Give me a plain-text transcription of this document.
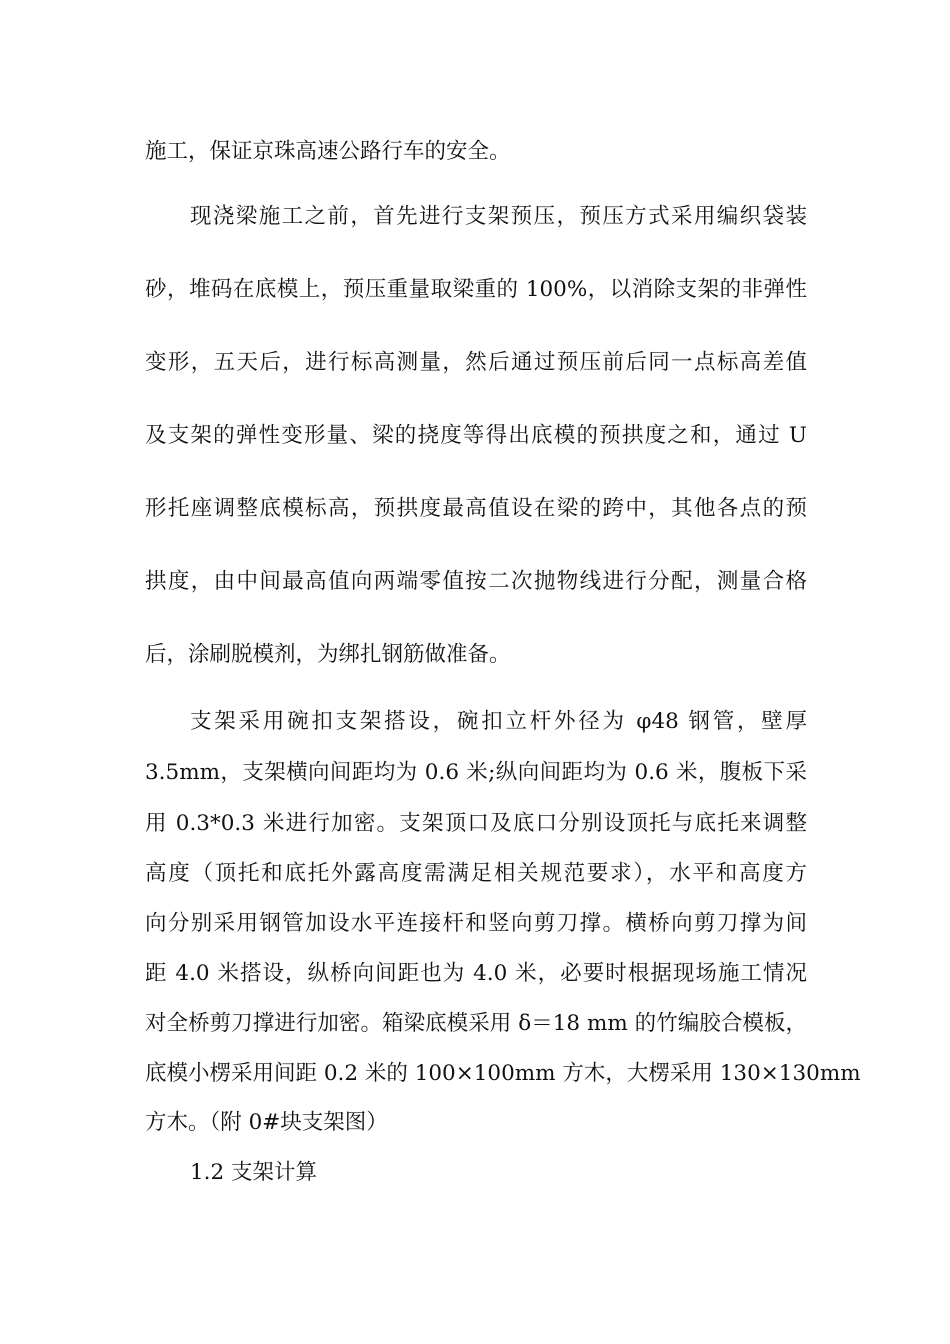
施工，保证京珠高速公路行车的安全。
现浇梁施工之前，首先进行支架预压，预压方式采用编织袋装
砂，堆码在底模上，预压重量取梁重的 100%，以消除支架的非弹性
变形，五天后，进行标高测量，然后通过预压前后同一点标高差值
及支架的弹性变形量、梁的挠度等得出底模的预拱度之和，通过 U
形托座调整底模标高，预拱度最高值设在梁的跨中，其他各点的预
拱度，由中间最高值向两端零值按二次抛物线进行分配，测量合格
后，涂刷脱模剂，为绑扎钢筋做准备。
支架采用碗扣支架搭设，碗扣立杆外径为 φ48 钢管，壁厚
3.5mm，支架横向间距均为 0.6 米;纵向间距均为 0.6 米，腹板下采
用 0.3*0.3 米进行加密。支架顶口及底口分别设顶托与底托来调整
高度（顶托和底托外露高度需满足相关规范要求），水平和高度方
向分别采用钢管加设水平连接杆和竖向剪刀撑。横桥向剪刀撑为间
距 4.0 米搭设，纵桥向间距也为 4.0 米，必要时根据现场施工情况
对全桥剪刀撑进行加密。箱梁底模采用 δ＝18 mm 的竹编胶合模板，
底模小楞采用间距 0.2 米的 100×100mm 方木，大楞采用 130×130mm
方木。（附 0#块支架图）
1.2 支架计算
